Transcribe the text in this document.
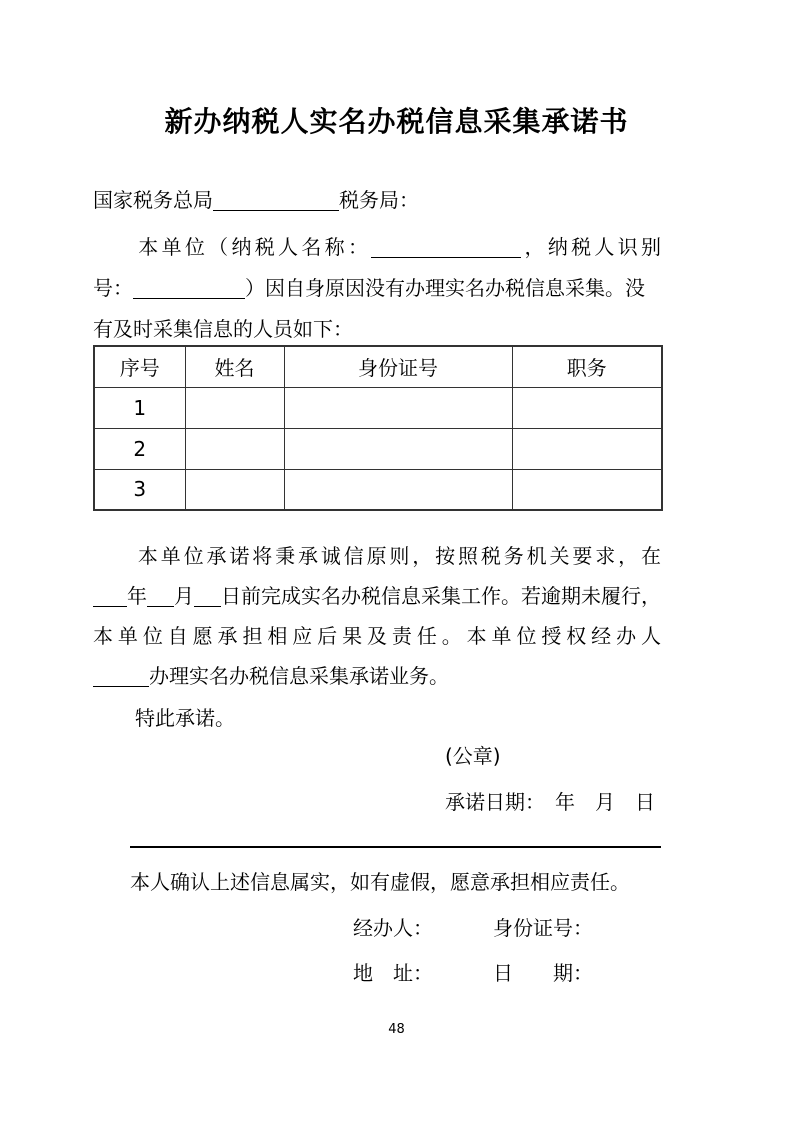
新办纳税人实名办税信息采集承诺书
国家税务总局	税务局：
本单位（纳税人名称：	，纳税人识别
号：	）因自身原因没有办理实名办税信息采集。没
有及时采集信息的人员如下：
序号	姓名	身份证号	职务
1			
2			
3			
本单位承诺将秉承诚信原则，按照税务机关要求，在
年 月 日前完成实名办税信息采集工作。若逾期未履行，
本单位自愿承担相应后果及责任。本单位授权经办人
办理实名办税信息采集承诺业务。
特此承诺。
(公章)
承诺日期：　年　月　日
本人确认上述信息属实，如有虚假，愿意承担相应责任。
经办人：	身份证号：
地　址：	日　　期：
48
